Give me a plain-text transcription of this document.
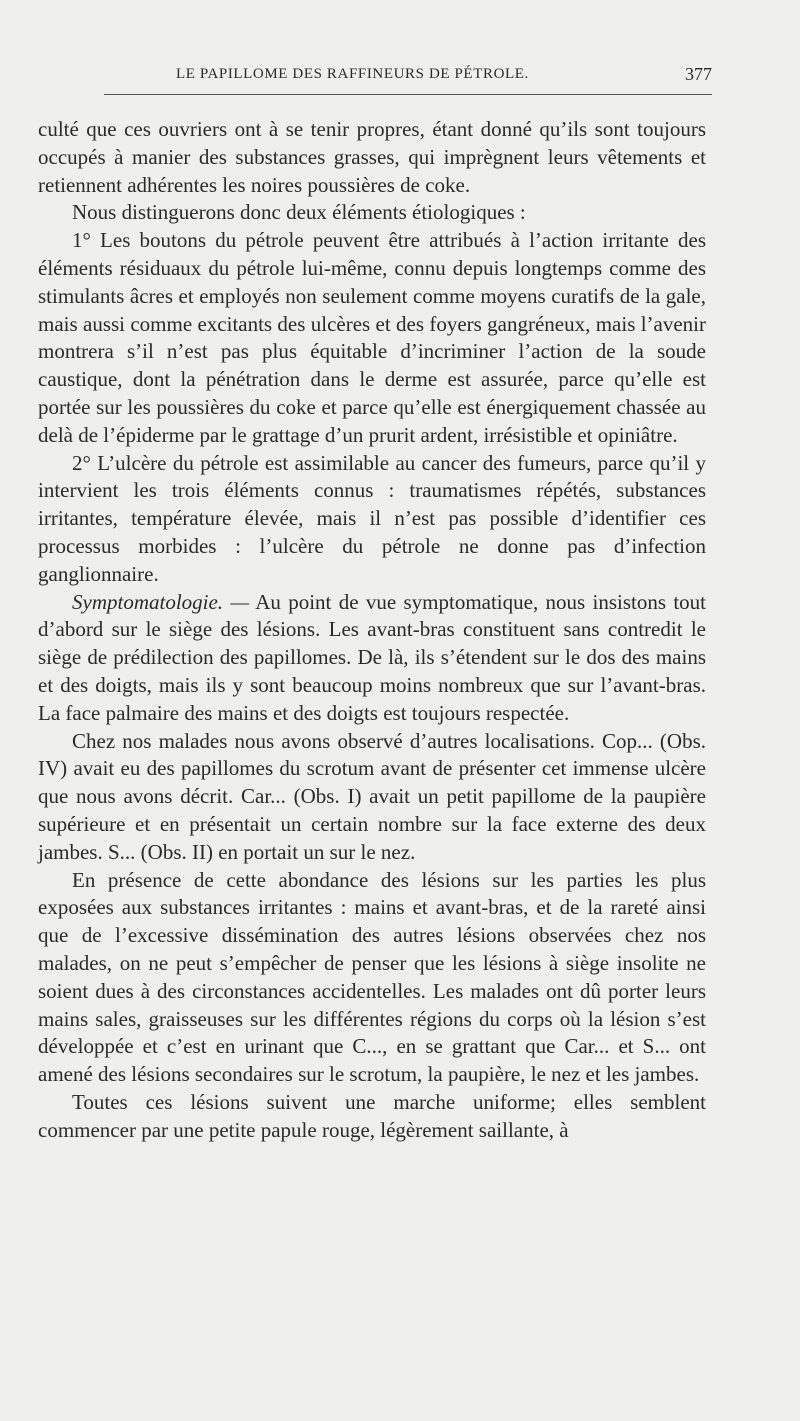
LE PAPILLOME DES RAFFINEURS DE PÉTROLE.	377

culté que ces ouvriers ont à se tenir propres, étant donné qu’ils sont toujours occupés à manier des substances grasses, qui imprègnent leurs vêtements et retiennent adhérentes les noires poussières de coke.

Nous distinguerons donc deux éléments étiologiques :

1° Les boutons du pétrole peuvent être attribués à l’action irritante des éléments résiduaux du pétrole lui-même, connu depuis longtemps comme des stimulants âcres et employés non seulement comme moyens curatifs de la gale, mais aussi comme excitants des ulcères et des foyers gangréneux, mais l’avenir montrera s’il n’est pas plus équitable d’incriminer l’action de la soude caustique, dont la pénétration dans le derme est assurée, parce qu’elle est portée sur les poussières du coke et parce qu’elle est énergiquement chassée au delà de l’épiderme par le grattage d’un prurit ardent, irrésistible et opiniâtre.

2° L’ulcère du pétrole est assimilable au cancer des fumeurs, parce qu’il y intervient les trois éléments connus : traumatismes répétés, substances irritantes, température élevée, mais il n’est pas possible d’identifier ces processus morbides : l’ulcère du pétrole ne donne pas d’infection ganglionnaire.

Symptomatologie. — Au point de vue symptomatique, nous insistons tout d’abord sur le siège des lésions. Les avant-bras constituent sans contredit le siège de prédilection des papillomes. De là, ils s’étendent sur le dos des mains et des doigts, mais ils y sont beaucoup moins nombreux que sur l’avant-bras. La face palmaire des mains et des doigts est toujours respectée.

Chez nos malades nous avons observé d’autres localisations. Cop... (Obs. IV) avait eu des papillomes du scrotum avant de présenter cet immense ulcère que nous avons décrit. Car... (Obs. I) avait un petit papillome de la paupière supérieure et en présentait un certain nombre sur la face externe des deux jambes. S... (Obs. II) en portait un sur le nez.

En présence de cette abondance des lésions sur les parties les plus exposées aux substances irritantes : mains et avant-bras, et de la rareté ainsi que de l’excessive dissémination des autres lésions observées chez nos malades, on ne peut s’empêcher de penser que les lésions à siège insolite ne soient dues à des circonstances accidentelles. Les malades ont dû porter leurs mains sales, graisseuses sur les différentes régions du corps où la lésion s’est développée et c’est en urinant que C..., en se grattant que Car... et S... ont amené des lésions secondaires sur le scrotum, la paupière, le nez et les jambes.

Toutes ces lésions suivent une marche uniforme; elles semblent commencer par une petite papule rouge, légèrement saillante, à
